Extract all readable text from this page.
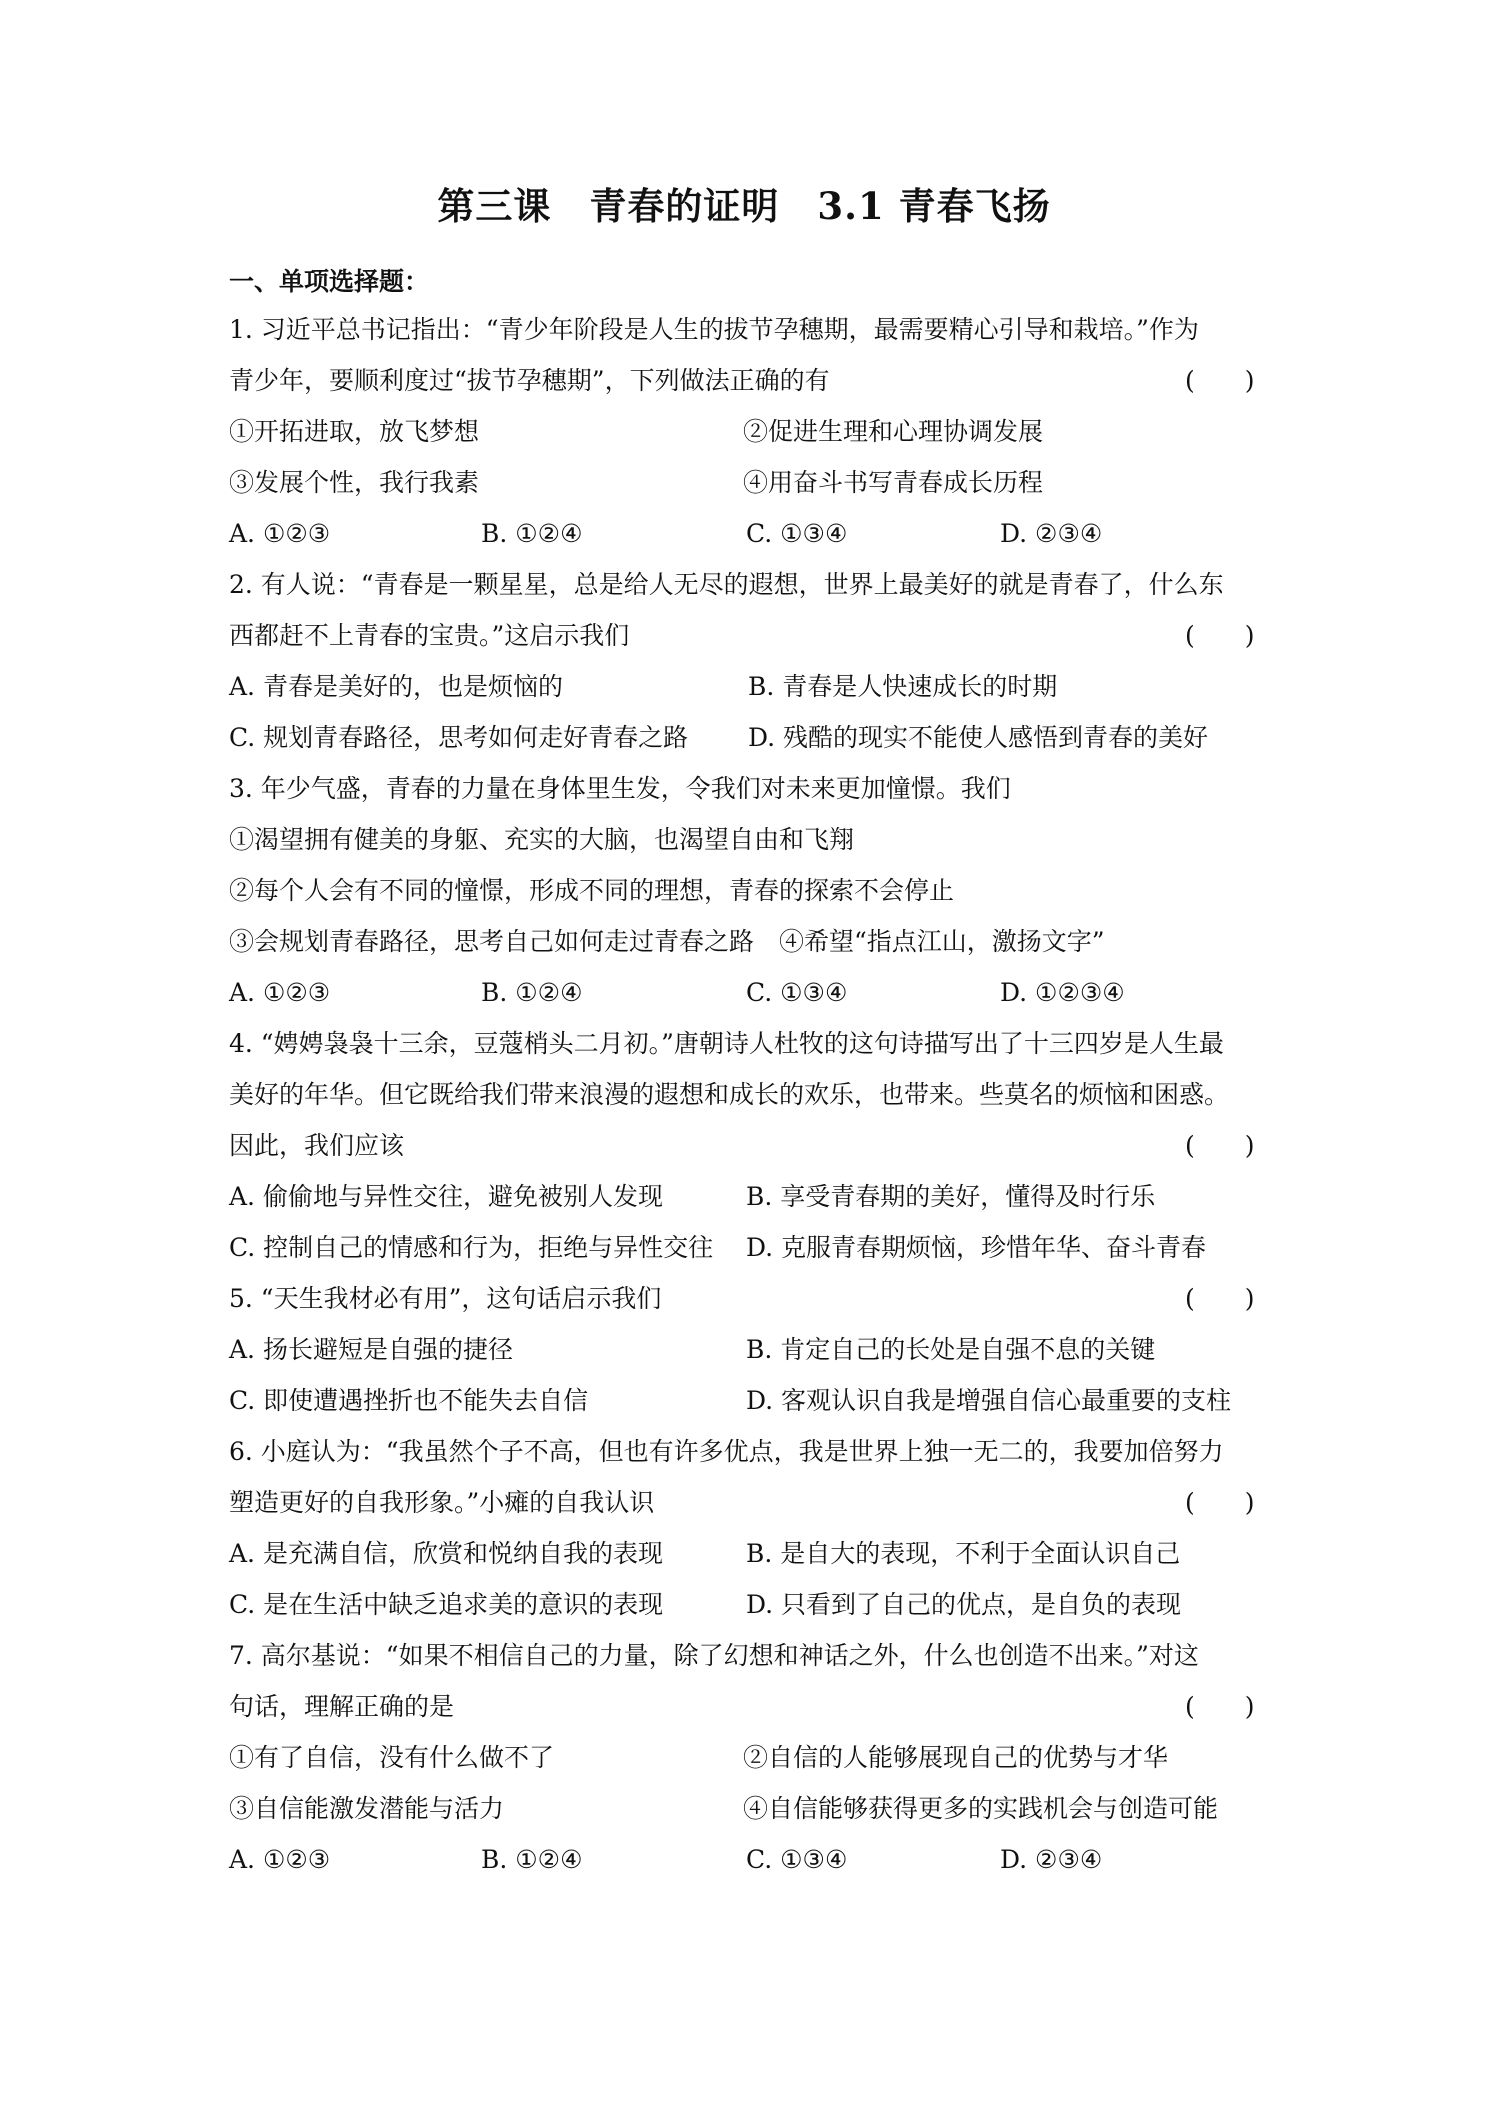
第三课　青春的证明　3.1 青春飞扬
一、单项选择题：
1. 习近平总书记指出：“青少年阶段是人生的拔节孕穗期，最需要精心引导和栽培。”作为
青少年，要顺利度过“拔节孕穗期”，下列做法正确的有	(　　)
①开拓进取，放飞梦想	②促进生理和心理协调发展
③发展个性，我行我素	④用奋斗书写青春成长历程
A. ①②③	B. ①②④	C. ①③④	D. ②③④
2. 有人说：“青春是一颗星星，总是给人无尽的遐想，世界上最美好的就是青春了，什么东
西都赶不上青春的宝贵。”这启示我们	(　　)
A. 青春是美好的，也是烦恼的	B. 青春是人快速成长的时期
C. 规划青春路径，思考如何走好青春之路 D. 残酷的现实不能使人感悟到青春的美好
3. 年少气盛，青春的力量在身体里生发，令我们对未来更加憧憬。我们
①渴望拥有健美的身躯、充实的大脑，也渴望自由和飞翔
②每个人会有不同的憧憬，形成不同的理想，青春的探索不会停止
③会规划青春路径，思考自己如何走过青春之路　④希望“指点江山，激扬文字”
A. ①②③	B. ①②④	C. ①③④	D. ①②③④
4. “娉娉袅袅十三余，豆蔻梢头二月初。”唐朝诗人杜牧的这句诗描写出了十三四岁是人生最
美好的年华。但它既给我们带来浪漫的遐想和成长的欢乐，也带来。些莫名的烦恼和困惑。
因此，我们应该	(　　)
A. 偷偷地与异性交往，避免被别人发现	B. 享受青春期的美好，懂得及时行乐
C. 控制自己的情感和行为，拒绝与异性交往 D. 克服青春期烦恼，珍惜年华、奋斗青春
5. “天生我材必有用”，这句话启示我们	(　　)
A. 扬长避短是自强的捷径	B. 肯定自己的长处是自强不息的关键
C. 即使遭遇挫折也不能失去自信	D. 客观认识自我是增强自信心最重要的支柱
6. 小庭认为：“我虽然个子不高，但也有许多优点，我是世界上独一无二的，我要加倍努力
塑造更好的自我形象。”小瘫的自我认识	(　　)
A. 是充满自信，欣赏和悦纳自我的表现	B. 是自大的表现，不利于全面认识自己
C. 是在生活中缺乏追求美的意识的表现	D. 只看到了自己的优点，是自负的表现
7. 高尔基说：“如果不相信自己的力量，除了幻想和神话之外，什么也创造不出来。”对这
句话，理解正确的是	(　　)
①有了自信，没有什么做不了	②自信的人能够展现自己的优势与才华
③自信能激发潜能与活力	④自信能够获得更多的实践机会与创造可能
A. ①②③	B. ①②④	C. ①③④	D. ②③④
